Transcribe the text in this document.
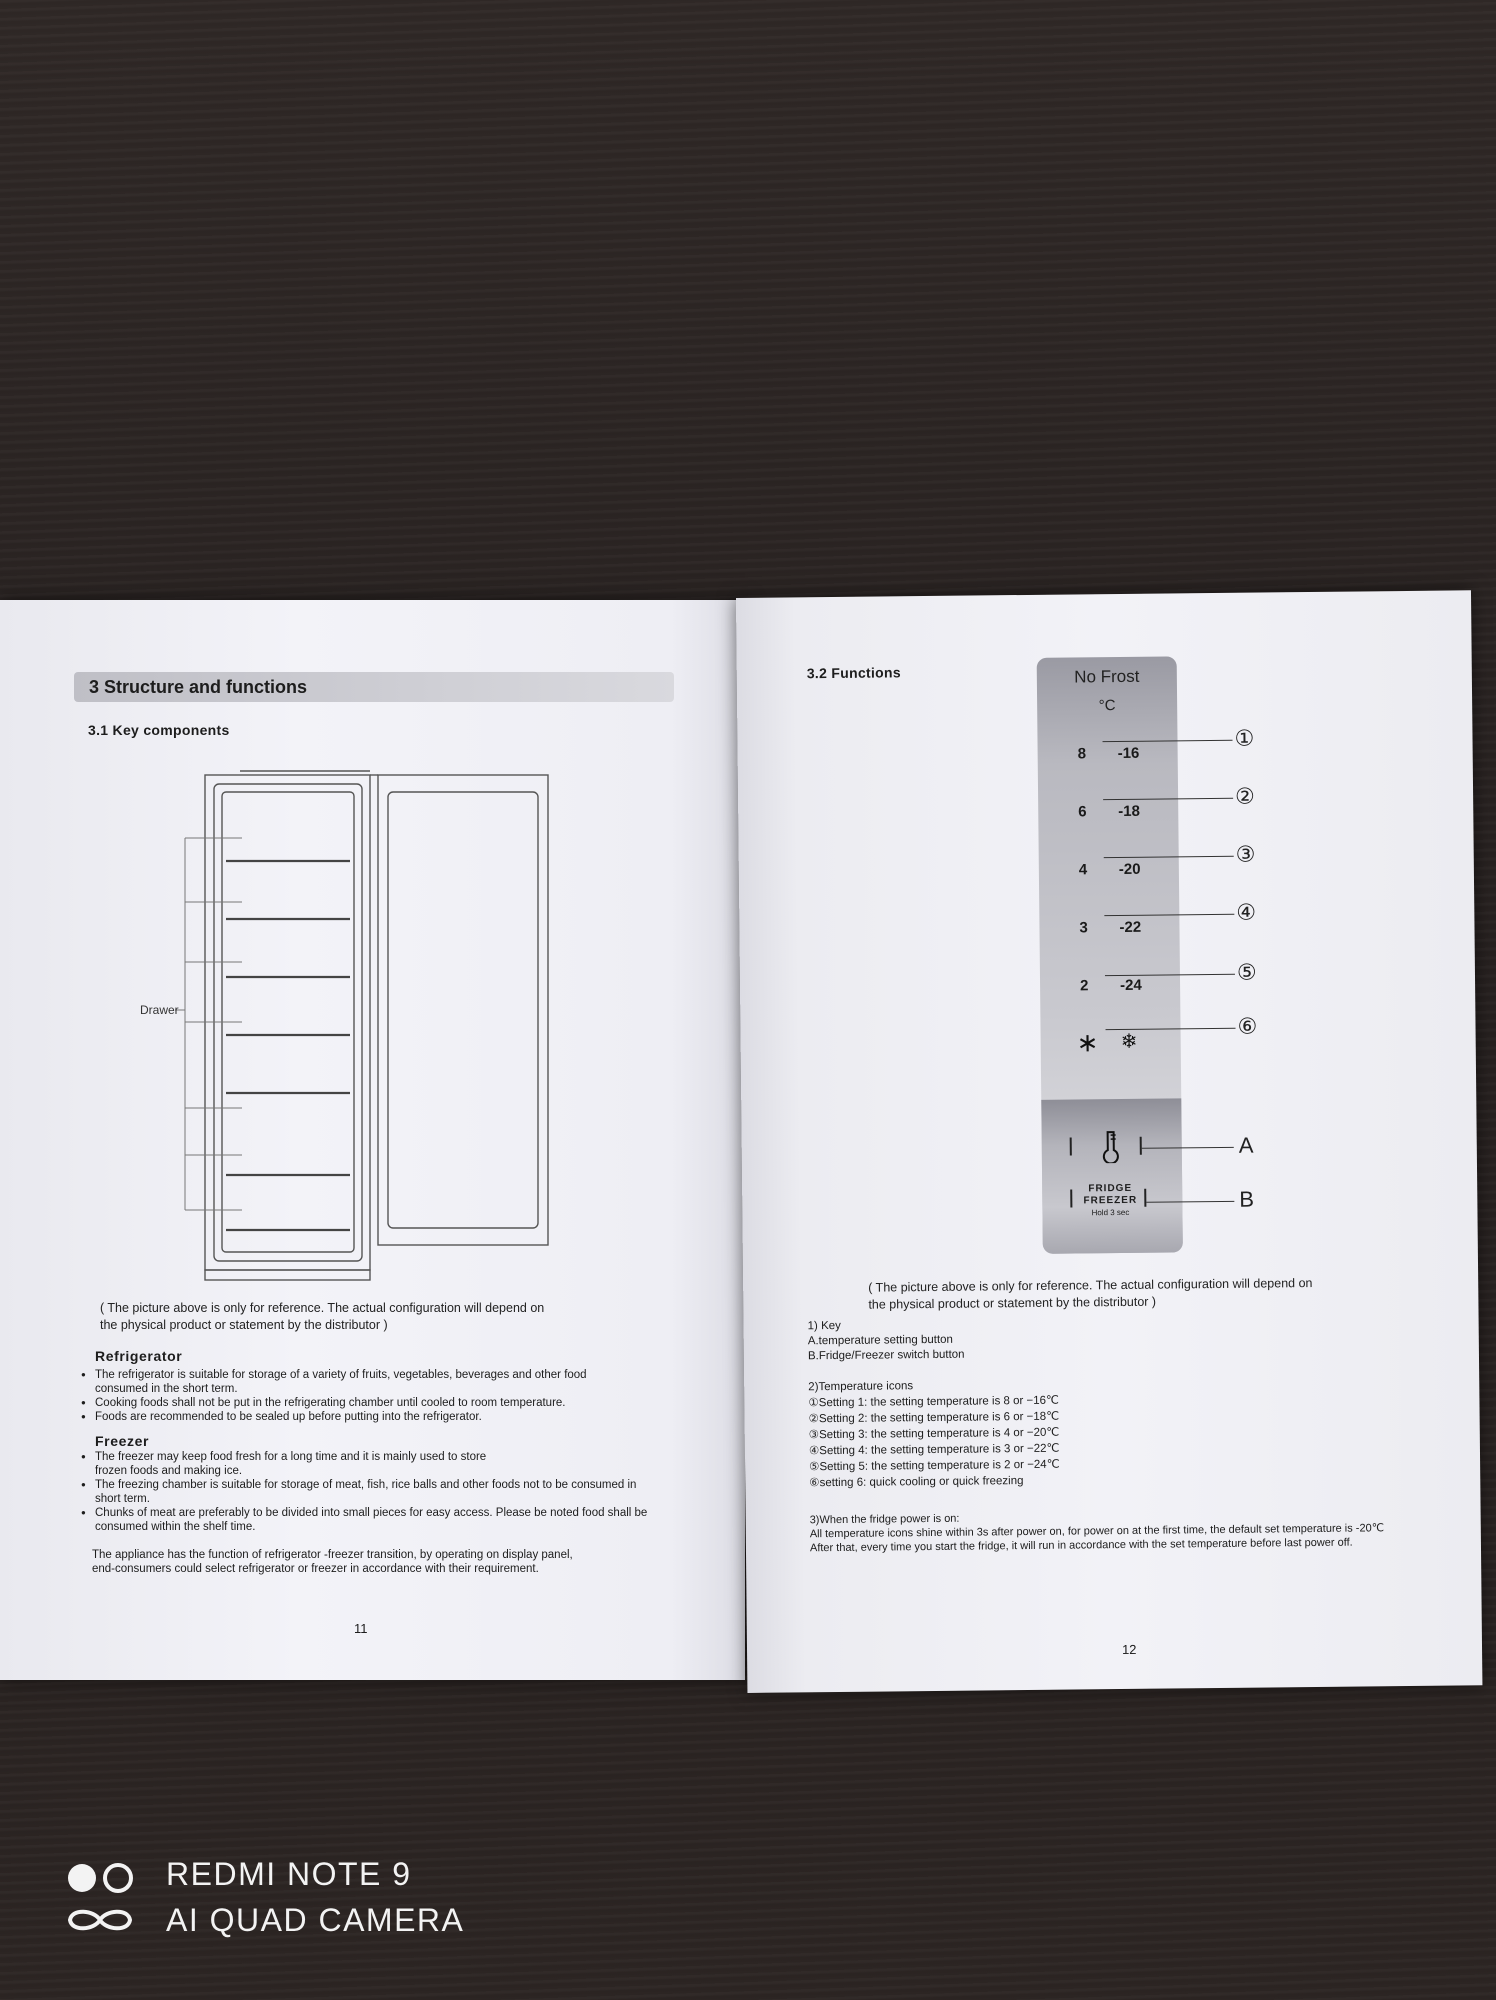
3 Structure and functions
3.1 Key components
Drawer
( The picture above is only for reference. The actual configuration will depend on
the physical product or statement by the distributor )
Refrigerator
● The refrigerator is suitable for storage of a variety of fruits, vegetables, beverages and other food consumed in the short term.
● Cooking foods shall not be put in the refrigerating chamber until cooled to room temperature.
● Foods are recommended to be sealed up before putting into the refrigerator.
Freezer
● The freezer may keep food fresh for a long time and it is mainly used to store frozen foods and making ice.
● The freezing chamber is suitable for storage of meat, fish, rice balls and other foods not to be consumed in short term.
● Chunks of meat are preferably to be divided into small pieces for easy access. Please be noted food shall be consumed within the shelf time.
The appliance has the function of refrigerator -freezer transition, by operating on display panel,
end-consumers could select refrigerator or freezer in accordance with their requirement.
11
3.2 Functions	No Frost
°C
8 -16
6 -18
4 -20
3 -22
2 -24
∗ ❄
FRIDGE
FREEZER
Hold 3 sec
①
②
③
④
⑤
⑥
A
B
( The picture above is only for reference. The actual configuration will depend on
the physical product or statement by the distributor )
1) Key
A.temperature setting button
B.Fridge/Freezer switch button
2)Temperature icons
①Setting 1: the setting temperature is 8 or −16℃
②Setting 2: the setting temperature is 6 or −18℃
③Setting 3: the setting temperature is 4 or −20℃
④Setting 4: the setting temperature is 3 or −22℃
⑤Setting 5: the setting temperature is 2 or −24℃
⑥setting 6: quick cooling or quick freezing
3)When the fridge power is on:
All temperature icons shine within 3s after power on, for power on at the first time, the default set temperature is -20℃
After that, every time you start the fridge, it will run in accordance with the set temperature before last power off.
12
REDMI NOTE 9
AI QUAD CAMERA
